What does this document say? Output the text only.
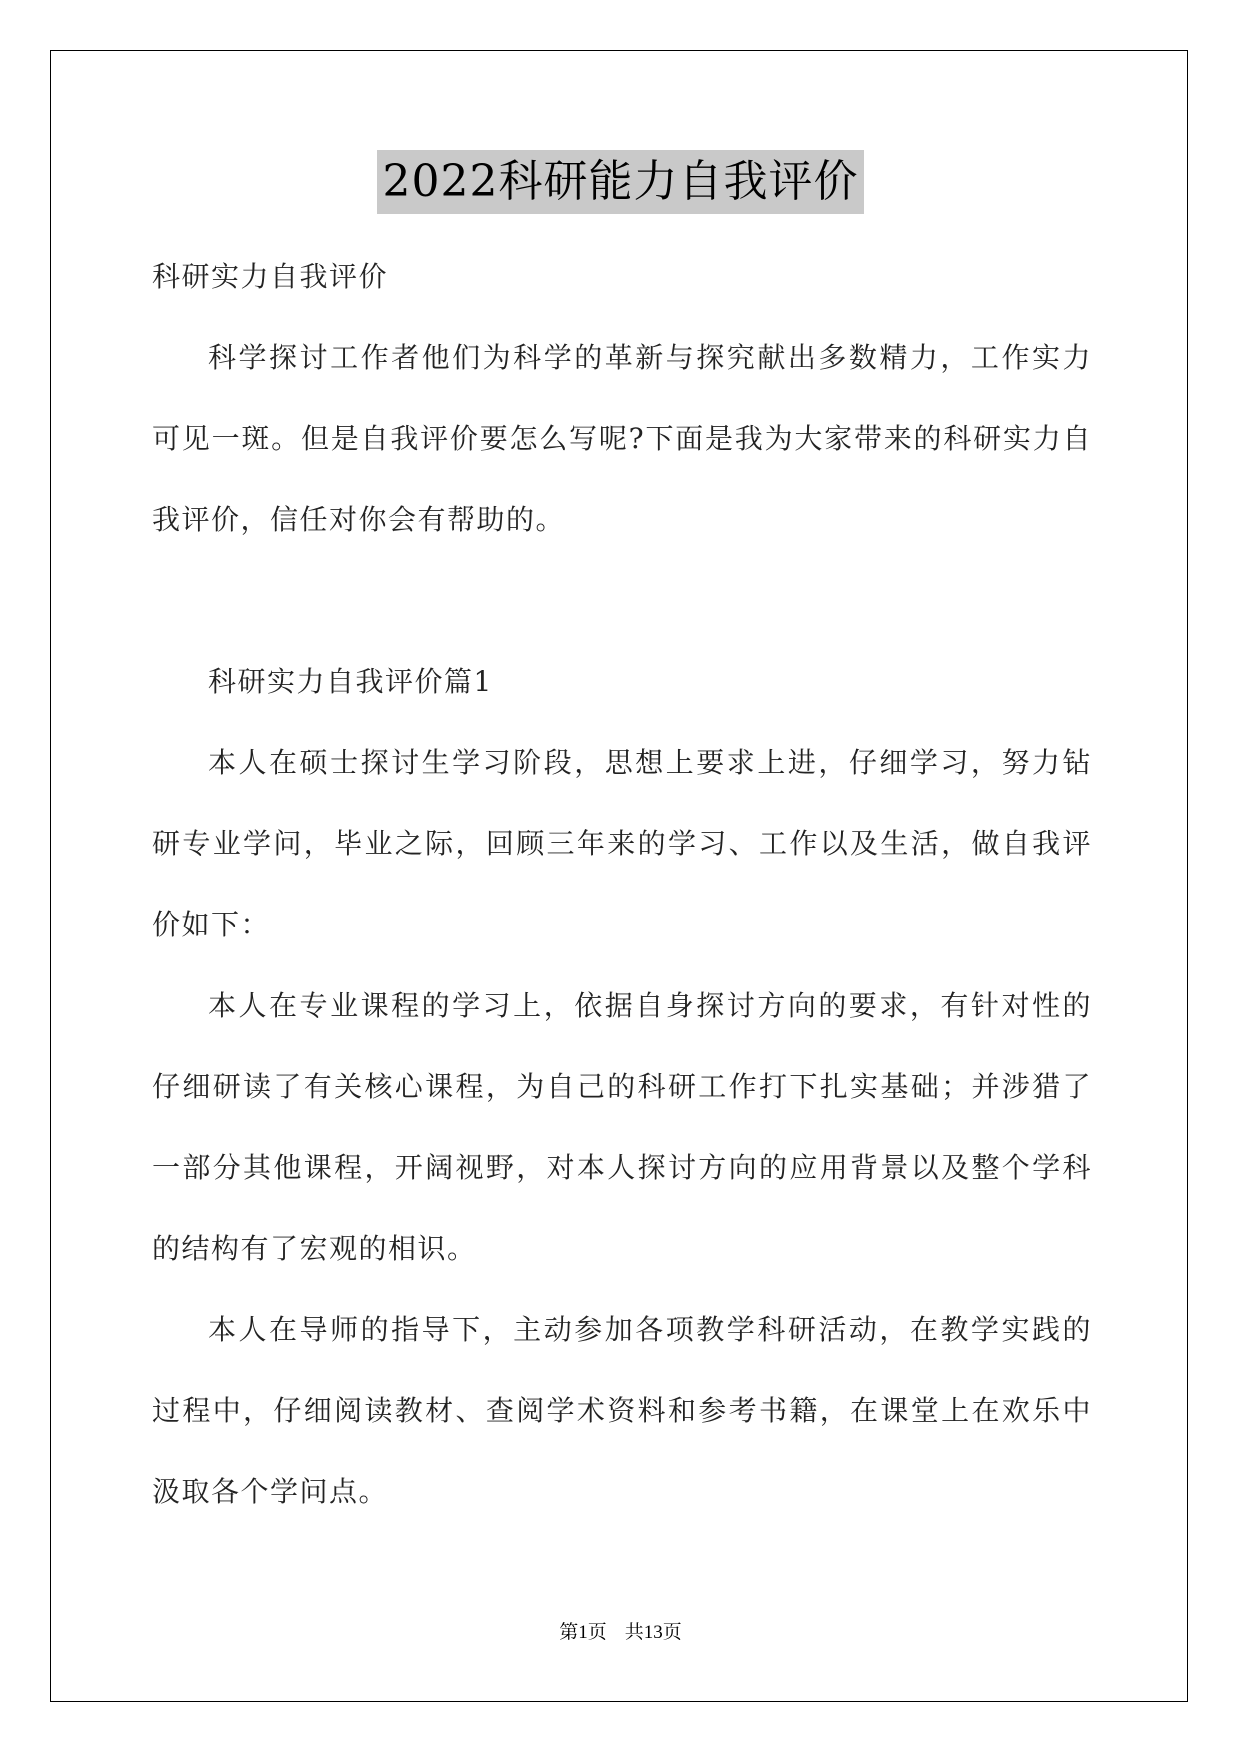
2022科研能力自我评价

科研实力自我评价

科学探讨工作者他们为科学的革新与探究献出多数精力，工作实力可见一斑。但是自我评价要怎么写呢?下面是我为大家带来的科研实力自我评价，信任对你会有帮助的。

科研实力自我评价篇1

本人在硕士探讨生学习阶段，思想上要求上进，仔细学习，努力钻研专业学问，毕业之际，回顾三年来的学习、工作以及生活，做自我评价如下：

本人在专业课程的学习上，依据自身探讨方向的要求，有针对性的仔细研读了有关核心课程，为自己的科研工作打下扎实基础；并涉猎了一部分其他课程，开阔视野，对本人探讨方向的应用背景以及整个学科的结构有了宏观的相识。

本人在导师的指导下，主动参加各项教学科研活动，在教学实践的过程中，仔细阅读教材、查阅学术资料和参考书籍，在课堂上在欢乐中汲取各个学问点。

第1页 共13页
